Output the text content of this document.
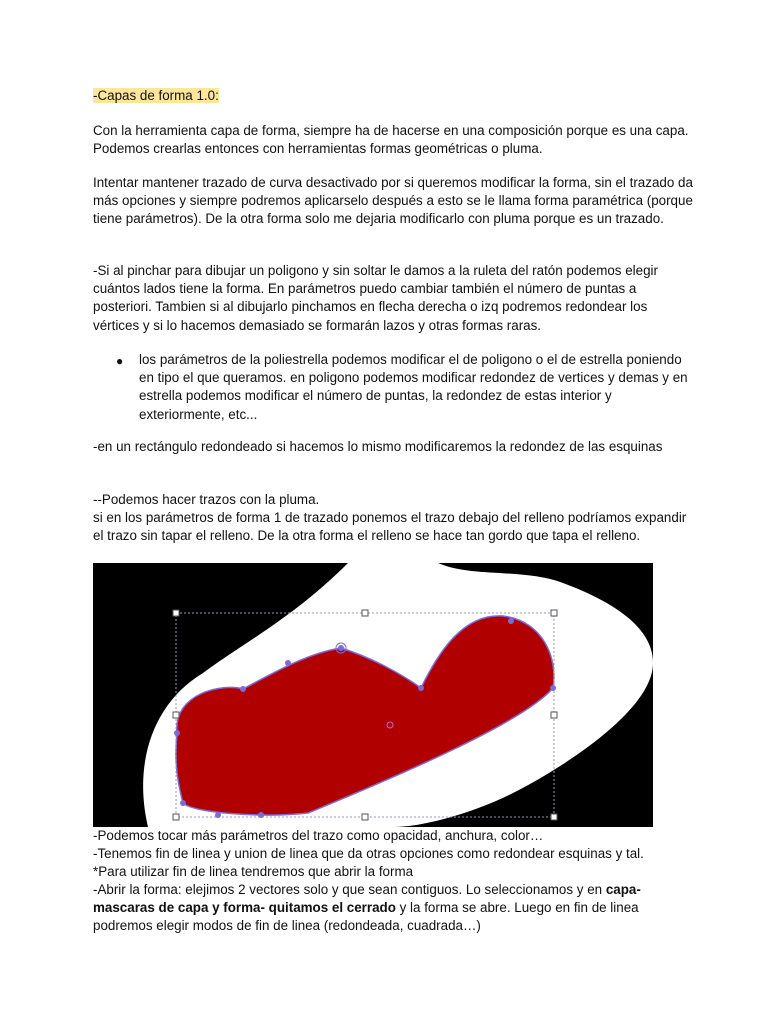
-Capas de forma 1.0:

Con la herramienta capa de forma, siempre ha de hacerse en una composición porque es una capa. Podemos crearlas entonces con herramientas formas geométricas o pluma.

Intentar mantener trazado de curva desactivado por si queremos modificar la forma, sin el trazado da más opciones y siempre podremos aplicarselo después a esto se le llama forma paramétrica (porque tiene parámetros). De la otra forma solo me dejaria modificarlo con pluma porque es un trazado.

-Si al pinchar para dibujar un poligono y sin soltar le damos a la ruleta del ratón podemos elegir cuántos lados tiene la forma. En parámetros puedo cambiar también el número de puntas a posteriori. Tambien si al dibujarlo pinchamos en flecha derecha o izq podremos redondear los vértices y si lo hacemos demasiado se formarán lazos y otras formas raras.

● los parámetros de la poliestrella podemos modificar el de poligono o el de estrella poniendo en tipo el que queramos. en poligono podemos modificar redondez de vertices y demas y en estrella podemos modificar el número de puntas, la redondez de estas interior y exteriormente, etc...

-en un rectángulo redondeado si hacemos lo mismo modificaremos la redondez de las esquinas

--Podemos hacer trazos con la pluma.

si en los parámetros de forma 1 de trazado ponemos el trazo debajo del relleno podríamos expandir el trazo sin tapar el relleno. De la otra forma el relleno se hace tan gordo que tapa el relleno.

-Podemos tocar más parámetros del trazo como opacidad, anchura, color…

-Tenemos fin de linea y union de linea que da otras opciones como redondear esquinas y tal.

*Para utilizar fin de linea tendremos que abrir la forma

-Abrir la forma: elejimos 2 vectores solo y que sean contiguos. Lo seleccionamos y en capa-mascaras de capa y forma- quitamos el cerrado y la forma se abre. Luego en fin de linea podremos elegir modos de fin de linea (redondeada, cuadrada…)
